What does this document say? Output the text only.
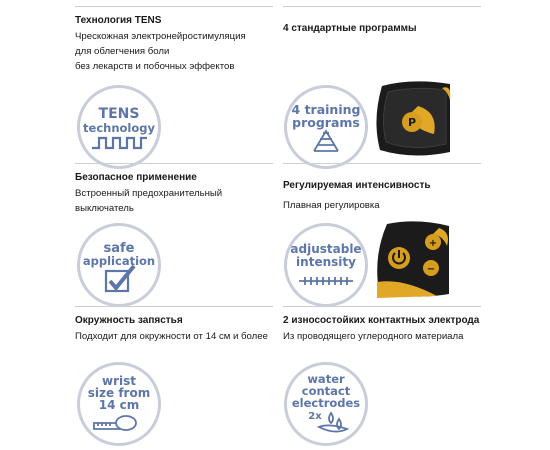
Технология TENS
Чрескожная электронейростимуляция
для облегчения боли
без лекарств и побочных эффектов
TENS
technology
4 стандартные программы
4 training
programs	P
Безопасное применение
Встроенный предохранительный
выключатель
safe
application
Регулируемая интенсивность
Плавная регулировка
adjustable
intensity
+
−
Окружность запястья
Подходит для окружности от 14 см и более
wrist
size from
14 cm
2 износостойких контактных электрода
Из проводящего углеродного материала
water
contact
electrodes
2x
